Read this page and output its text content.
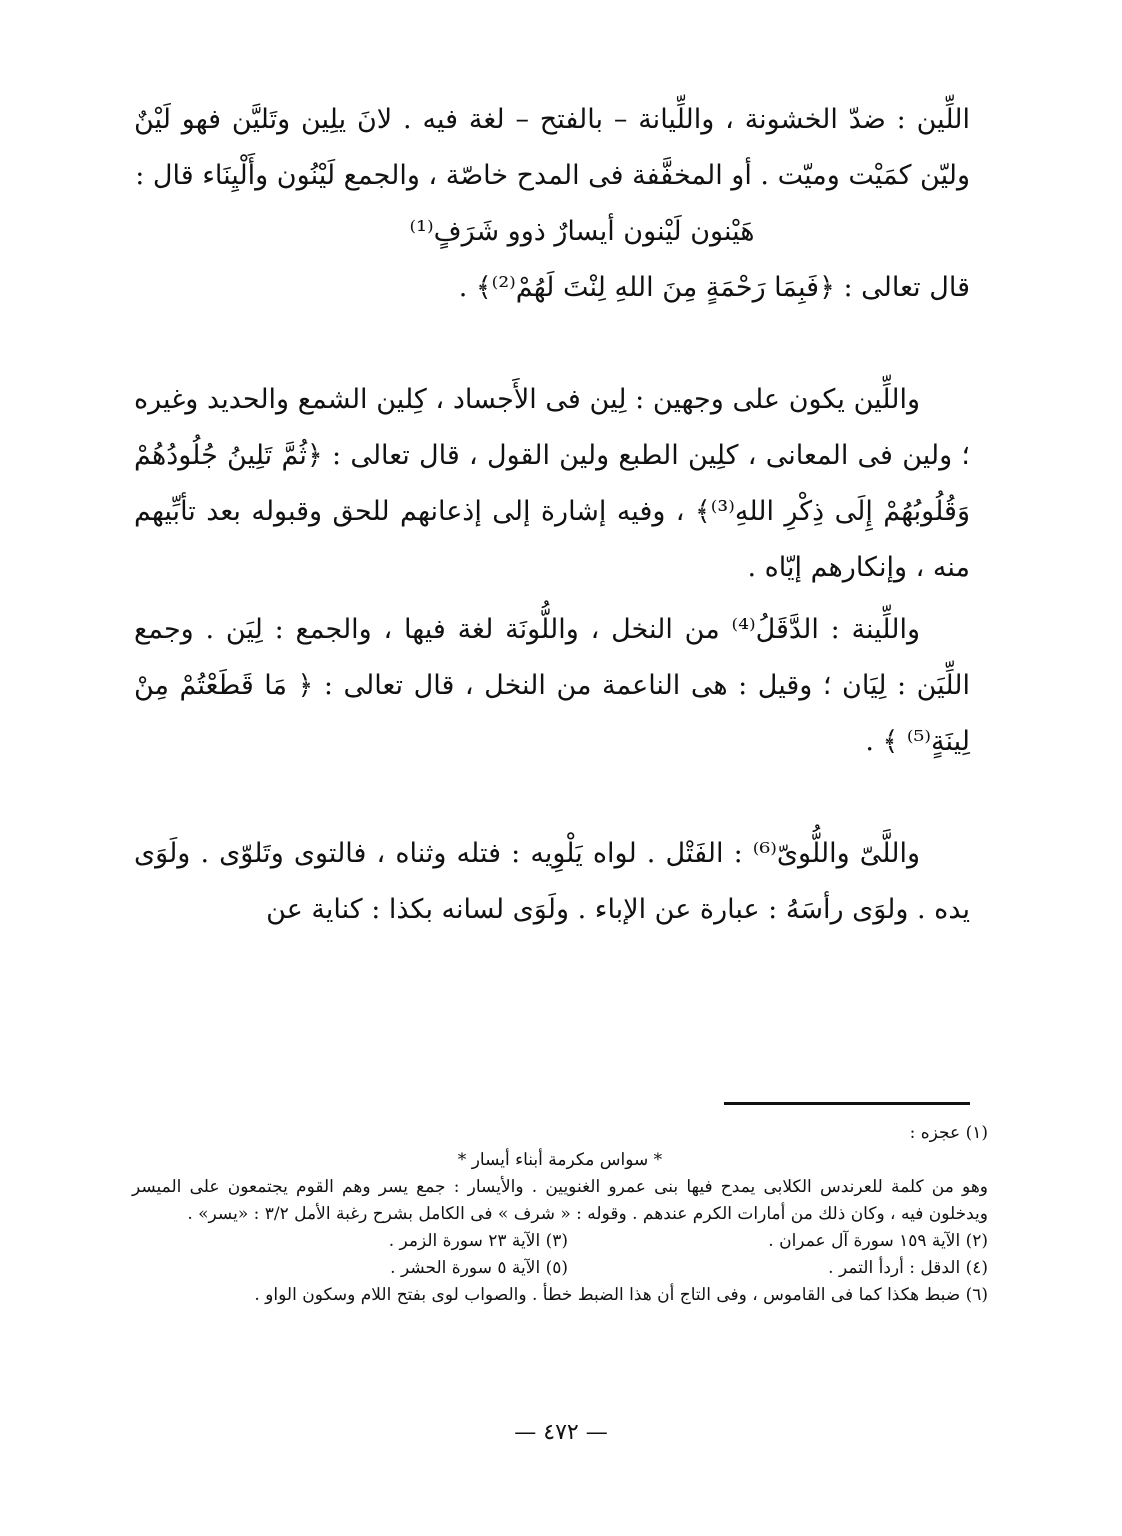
اللِّين : ضدّ الخشونة ، واللِّيانة – بالفتح – لغة فيه . لانَ يلِين وتَليَّن فهو لَيْنٌ وليّن كمَيْت وميّت . أو المخفَّفة فى المدح خاصّة ، والجمع لَيْنُون وأَلْيِنَاء قال :

هَيْنون لَيْنون أيسارٌ ذوو شَرَفٍ⁽¹⁾

قال تعالى : ﴿فَبِمَا رَحْمَةٍ مِنَ اللهِ لِنْتَ لَهُمْ⁽²⁾﴾ .

واللِّين يكون على وجهين : لِين فى الأَجساد ، كِلين الشمع والحديد وغيره ؛ ولين فى المعانى ، كلِين الطبع ولين القول ، قال تعالى : ﴿ثُمَّ تَلِينُ جُلُودُهُمْ وَقُلُوبُهُمْ إِلَى ذِكْرِ اللهِ⁽³⁾﴾ ، وفيه إشارة إلى إذعانهم للحق وقبوله بعد تأبِّيهم منه ، وإنكارهم إيّاه .

واللِّينة : الدَّقَلُ⁽⁴⁾ من النخل ، واللُّونَة لغة فيها ، والجمع : لِيَن . وجمع اللِّيَن : لِيَان ؛ وقيل : هى الناعمة من النخل ، قال تعالى : ﴿ مَا قَطَعْتُمْ مِنْ لِينَةٍ⁽⁵⁾ ﴾ .

واللَّىّ واللُّوىّ⁽⁶⁾ : الفَتْل . لواه يَلْوِيه : فتله وثناه ، فالتوى وتَلوّى . ولَوَى يده . ولوَى رأسَهُ : عبارة عن الإباء . ولَوَى لسانه بكذا : كناية عن

(١) عجزه :

* سواس مكرمة أبناء أيسار *

وهو من كلمة للعرندس الكلابى يمدح فيها بنى عمرو الغنويين . والأيسار : جمع يسر وهم القوم يجتمعون على الميسر ويدخلون فيه ، وكان ذلك من أمارات الكرم عندهم . وقوله : « شرف » فى الكامل بشرح رغبة الأمل ٣/٢ : «يسر» .

(٢) الآية ١٥٩ سورة آل عمران .
(٣) الآية ٢٣ سورة الزمر .
(٤) الدقل : أردأ التمر .
(٥) الآية ٥ سورة الحشر .

(٦) ضبط هكذا كما فى القاموس ، وفى التاج أن هذا الضبط خطأ . والصواب لوى بفتح اللام وسكون الواو .

— ٤٧٢ —
